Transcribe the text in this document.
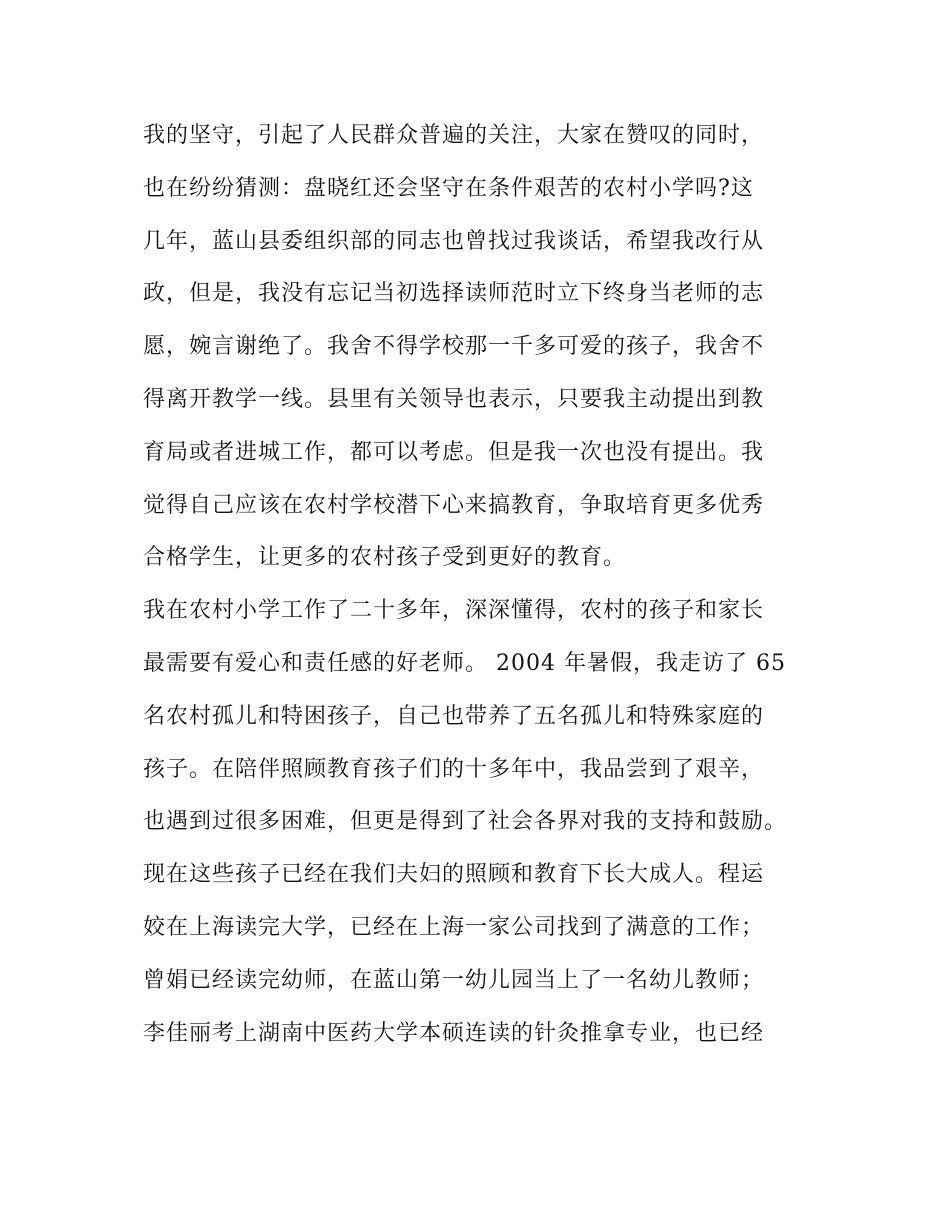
我的坚守，引起了人民群众普遍的关注，大家在赞叹的同时，
也在纷纷猜测：盘晓红还会坚守在条件艰苦的农村小学吗?这
几年，蓝山县委组织部的同志也曾找过我谈话，希望我改行从
政，但是，我没有忘记当初选择读师范时立下终身当老师的志
愿，婉言谢绝了。我舍不得学校那一千多可爱的孩子，我舍不
得离开教学一线。县里有关领导也表示，只要我主动提出到教
育局或者进城工作，都可以考虑。但是我一次也没有提出。我
觉得自己应该在农村学校潜下心来搞教育，争取培育更多优秀
合格学生，让更多的农村孩子受到更好的教育。
我在农村小学工作了二十多年，深深懂得，农村的孩子和家长
最需要有爱心和责任感的好老师。 2004 年暑假，我走访了 65
名农村孤儿和特困孩子，自己也带养了五名孤儿和特殊家庭的
孩子。在陪伴照顾教育孩子们的十多年中，我品尝到了艰辛，
也遇到过很多困难，但更是得到了社会各界对我的支持和鼓励。
现在这些孩子已经在我们夫妇的照顾和教育下长大成人。程运
姣在上海读完大学，已经在上海一家公司找到了满意的工作；
曾娟已经读完幼师，在蓝山第一幼儿园当上了一名幼儿教师；
李佳丽考上湖南中医药大学本硕连读的针灸推拿专业，也已经
